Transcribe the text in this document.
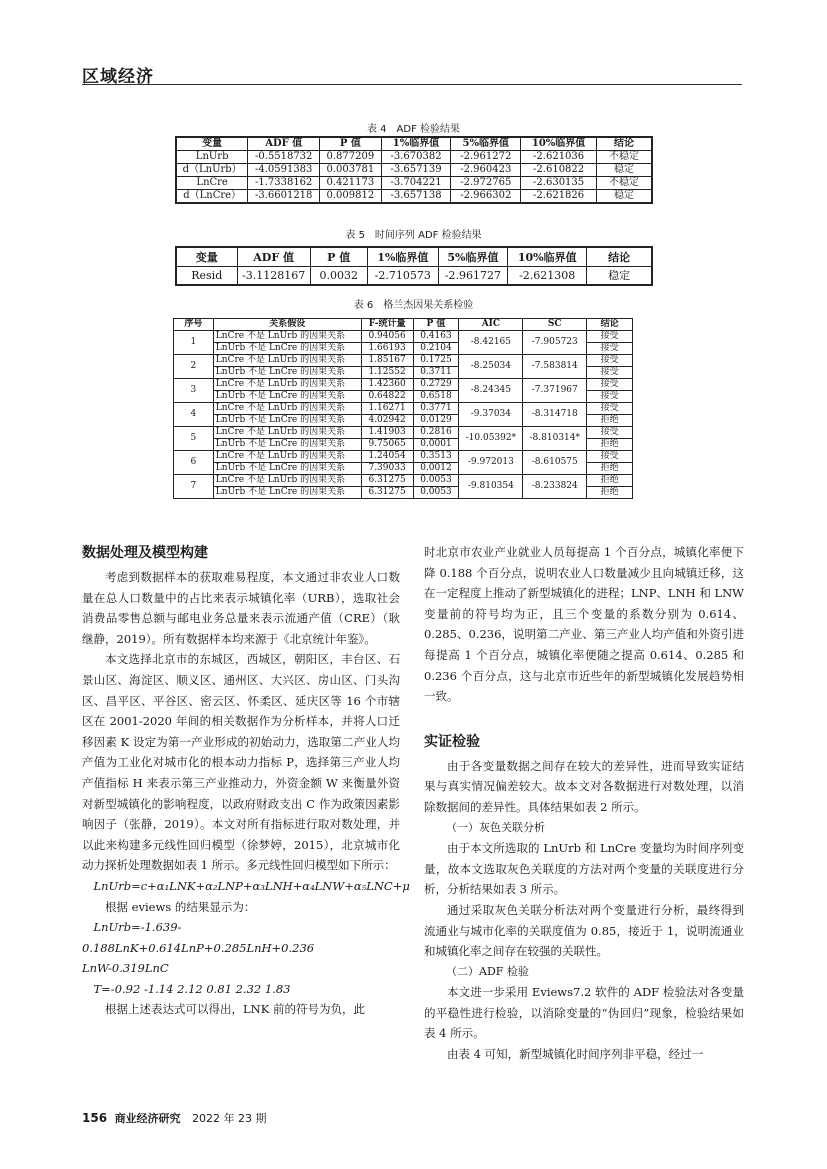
区域经济
表 4　ADF 检验结果
变量	ADF 值	P 值	1%临界值	5%临界值	10%临界值	结论
LnUrb	-0.5518732	0.877209	-3.670382	-2.961272	-2.621036	不稳定
d（LnUrb）	-4.0591383	0.003781	-3.657139	-2.960423	-2.610822	稳定
LnCre	-1.7338162	0.421173	-3.704221	-2.972765	-2.630135	不稳定
d（LnCre）	-3.6601218	0.009812	-3.657138	-2.966302	-2.621826	稳定
表 5　时间序列 ADF 检验结果
变量	ADF 值	P 值	1%临界值	5%临界值	10%临界值	结论
Resid	-3.1128167	0.0032	-2.710573	-2.961727	-2.621308	稳定
表 6　格兰杰因果关系检验
序号	关系假设	F-统计量	P 值	AIC	SC	结论
1	LnCre 不是 LnUrb 的因果关系	0.94056	0.4163	-8.42165	-7.905723	接受
	LnUrb 不是 LnCre 的因果关系	1.66193	0.2104			接受
2	LnCre 不是 LnUrb 的因果关系	1.85167	0.1725	-8.25034	-7.583814	接受
	LnUrb 不是 LnCre 的因果关系	1.12552	0.3711			接受
3	LnCre 不是 LnUrb 的因果关系	1.42360	0.2729	-8.24345	-7.371967	接受
	LnUrb 不是 LnCre 的因果关系	0.64822	0.6518			接受
4	LnCre 不是 LnUrb 的因果关系	1.16271	0.3771	-9.37034	-8.314718	接受
	LnUrb 不是 LnCre 的因果关系	4.02942	0.0129			拒绝
5	LnCre 不是 LnUrb 的因果关系	1.41903	0.2816	-10.05392*	-8.810314*	接受
	LnUrb 不是 LnCre 的因果关系	9.75065	0.0001			拒绝
6	LnCre 不是 LnUrb 的因果关系	1.24054	0.3513	-9.972013	-8.610575	接受
	LnUrb 不是 LnCre 的因果关系	7.39033	0.0012			拒绝
7	LnCre 不是 LnUrb 的因果关系	6.31275	0.0053	-9.810354	-8.233824	拒绝
	LnUrb 不是 LnCre 的因果关系	6.31275	0.0053			拒绝
数据处理及模型构建

考虑到数据样本的获取难易程度，本文通过非农业人口数量在总人口数量中的占比来表示城镇化率（URB），选取社会消费品零售总额与邮电业务总量来表示流通产值（CRE）（耿继静，2019）。所有数据样本均来源于《北京统计年鉴》。

本文选择北京市的东城区，西城区，朝阳区，丰台区、石景山区、海淀区、顺义区、通州区、大兴区、房山区、门头沟区、昌平区、平谷区、密云区、怀柔区、延庆区等 16 个市辖区在 2001-2020 年间的相关数据作为分析样本，并将人口迁移因素 K 设定为第一产业形成的初始动力，选取第二产业人均产值为工业化对城市化的根本动力指标 P，选择第三产业人均产值指标 H 来表示第三产业推动力，外资金额 W 来衡量外资对新型城镇化的影响程度，以政府财政支出 C 作为政策因素影响因子（张静，2019）。本文对所有指标进行取对数处理，并以此来构建多元线性回归模型（徐梦婷，2015），北京城市化动力探析处理数据如表 1 所示。多元线性回归模型如下所示：

LnUrb=c+α₁LNK+α₂LNP+α₃LNH+α₄LNW+α₅LNC+μ

根据 eviews 的结果显示为：

LnUrb=-1.639-0.188LnK+0.614LnP+0.285LnH+0.236

LnW-0.319LnC

T=-0.92 -1.14 2.12 0.81 2.32 1.83

根据上述表达式可以得出，LNK 前的符号为负，此

时北京市农业产业就业人员每提高 1 个百分点，城镇化率便下降 0.188 个百分点，说明农业人口数量减少且向城镇迁移，这在一定程度上推动了新型城镇化的进程；LNP、LNH 和 LNW 变量前的符号均为正，且三个变量的系数分别为 0.614、0.285、0.236，说明第二产业、第三产业人均产值和外资引进每提高 1 个百分点，城镇化率便随之提高 0.614、0.285 和 0.236 个百分点，这与北京市近些年的新型城镇化发展趋势相一致。

实证检验

由于各变量数据之间存在较大的差异性，进而导致实证结果与真实情况偏差较大。故本文对各数据进行对数处理，以消除数据间的差异性。具体结果如表 2 所示。

（一）灰色关联分析

由于本文所选取的 LnUrb 和 LnCre 变量均为时间序列变量，故本文选取灰色关联度的方法对两个变量的关联度进行分析，分析结果如表 3 所示。

通过采取灰色关联分析法对两个变量进行分析，最终得到流通业与城市化率的关联度值为 0.85，接近于 1，说明流通业和城镇化率之间存在较强的关联性。

（二）ADF 检验

本文进一步采用 Eviews7.2 软件的 ADF 检验法对各变量的平稳性进行检验，以消除变量的“伪回归”现象，检验结果如表 4 所示。

由表 4 可知，新型城镇化时间序列非平稳，经过一

156 商业经济研究 2022 年 23 期
